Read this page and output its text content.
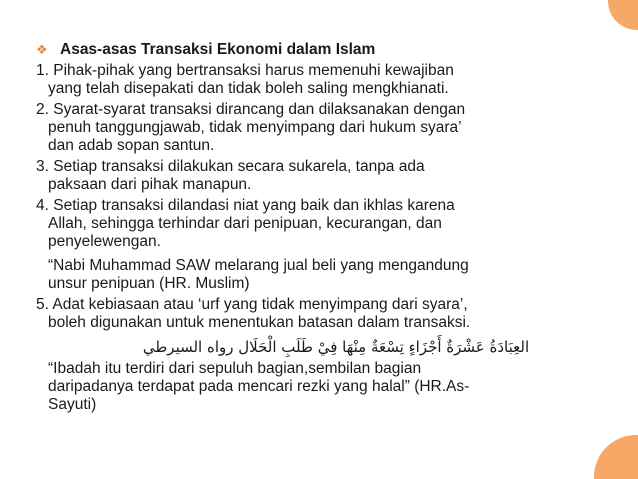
❖ Asas-asas Transaksi Ekonomi dalam Islam
1. Pihak-pihak yang bertransaksi harus memenuhi kewajiban
yang telah disepakati dan tidak boleh saling mengkhianati.
2. Syarat-syarat transaksi dirancang dan dilaksanakan dengan
penuh tanggungjawab, tidak menyimpang dari hukum syara’
dan adab sopan santun.
3. Setiap transaksi dilakukan secara sukarela, tanpa ada
paksaan dari pihak manapun.
4. Setiap transaksi dilandasi niat yang baik dan ikhlas karena
Allah, sehingga terhindar dari penipuan, kecurangan, dan
penyelewengan.
“Nabi Muhammad SAW melarang jual beli yang mengandung
unsur penipuan (HR. Muslim)
5. Adat kebiasaan atau ‘urf yang tidak menyimpang dari syara’,
boleh digunakan untuk menentukan batasan dalam transaksi.
العِبَادَةُ عَشْرَةٌ أَجْزَاءٍ تِسْعَةٌ مِنْهَا فِيْ طَلَبِ الْحَلَال رواه السيرطي
“Ibadah itu terdiri dari sepuluh bagian,sembilan bagian
daripadanya terdapat pada mencari rezki yang halal” (HR.As-
Sayuti)
